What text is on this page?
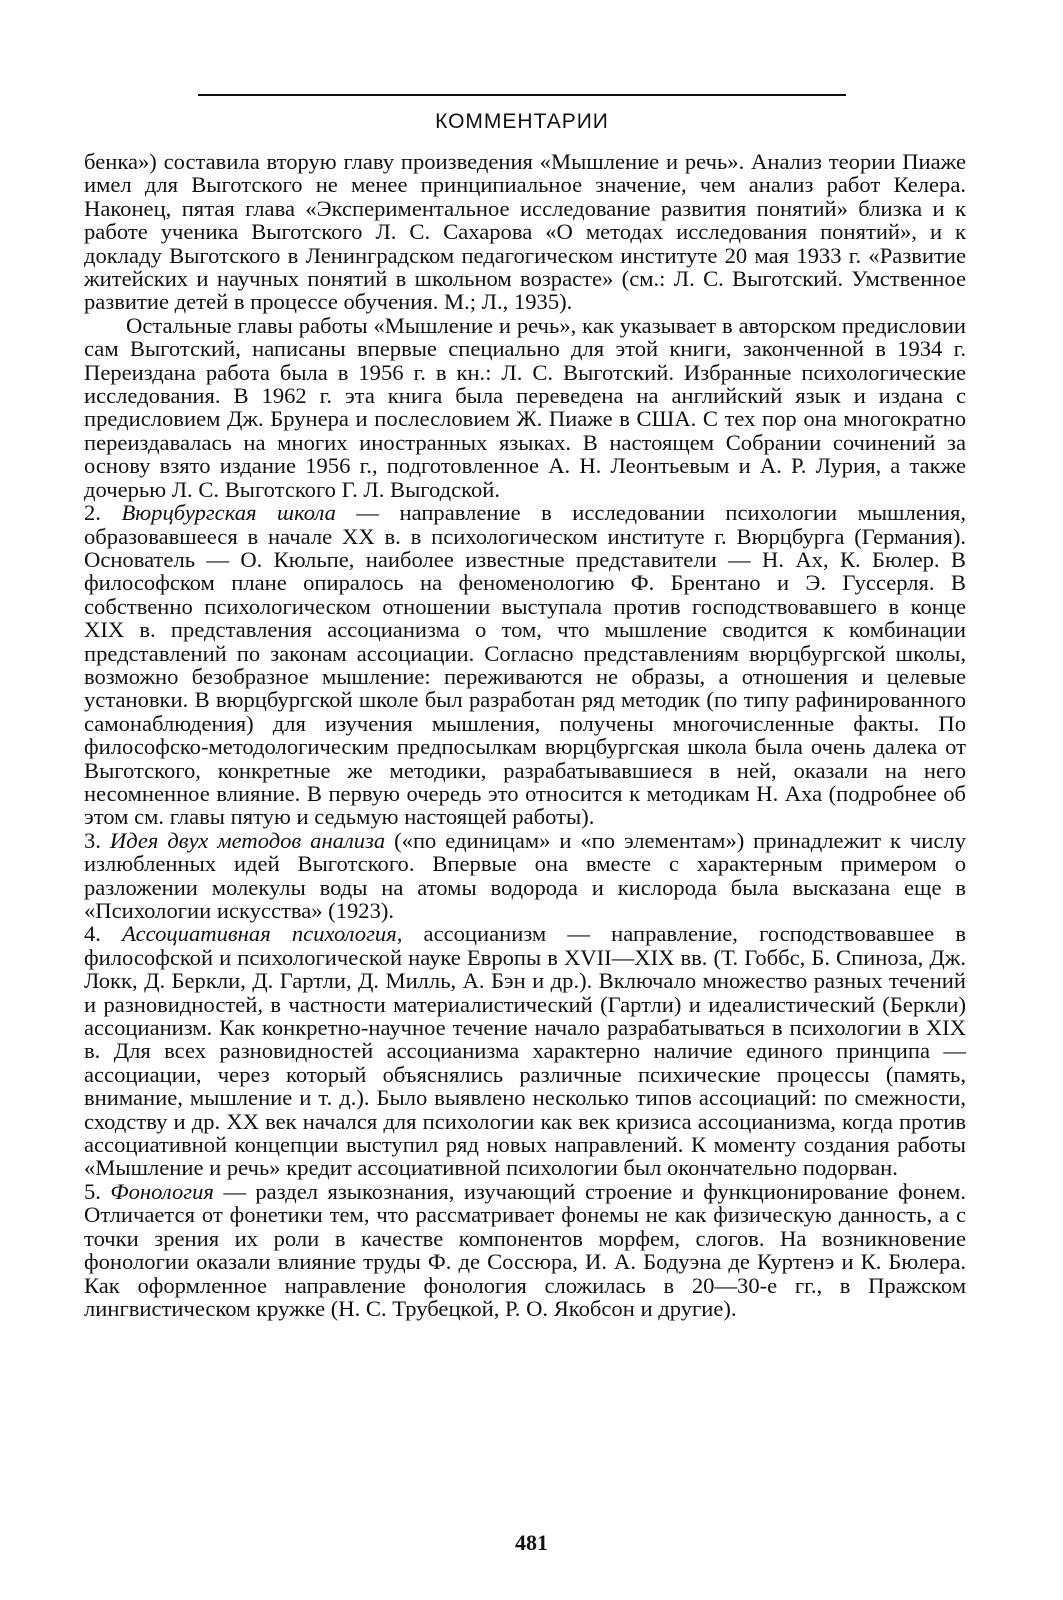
КОММЕНТАРИИ

бенка») составила вторую главу произведения «Мышление и речь». Анализ теории Пиаже имел для Выготского не менее принципиальное значение, чем анализ работ Келера. Наконец, пятая глава «Экспериментальное исследование развития понятий» близка и к работе ученика Выготского Л. С. Сахарова «О методах исследования понятий», и к докладу Выготского в Ленинградском педагогическом институте 20 мая 1933 г. «Развитие житейских и научных понятий в школьном возрасте» (см.: Л. С. Выготский. Умственное развитие детей в процессе обучения. М.; Л., 1935).

Остальные главы работы «Мышление и речь», как указывает в авторском предисловии сам Выготский, написаны впервые специально для этой книги, законченной в 1934 г. Переиздана работа была в 1956 г. в кн.: Л. С. Выготский. Избранные психологические исследования. В 1962 г. эта книга была переведена на английский язык и издана с предисловием Дж. Брунера и послесловием Ж. Пиаже в США. С тех пор она многократно переиздавалась на многих иностранных языках. В настоящем Собрании сочинений за основу взято издание 1956 г., подготовленное А. Н. Леонтьевым и А. Р. Лурия, а также дочерью Л. С. Выготского Г. Л. Выгодской.

2. Вюрцбургская школа — направление в исследовании психологии мышления, образовавшееся в начале XX в. в психологическом институте г. Вюрцбурга (Германия). Основатель — О. Кюльпе, наиболее известные представители — Н. Ах, К. Бюлер. В философском плане опиралось на феноменологию Ф. Брентано и Э. Гуссерля. В собственно психологическом отношении выступала против господствовавшего в конце XIX в. представления ассоцианизма о том, что мышление сводится к комбинации представлений по законам ассоциации. Согласно представлениям вюрцбургской школы, возможно безобразное мышление: переживаются не образы, а отношения и целевые установки. В вюрцбургской школе был разработан ряд методик (по типу рафинированного самонаблюдения) для изучения мышления, получены многочисленные факты. По философско-методологическим предпосылкам вюрцбургская школа была очень далека от Выготского, конкретные же методики, разрабатывавшиеся в ней, оказали на него несомненное влияние. В первую очередь это относится к методикам Н. Аха (подробнее об этом см. главы пятую и седьмую настоящей работы).

3. Идея двух методов анализа («по единицам» и «по элементам») принадлежит к числу излюбленных идей Выготского. Впервые она вместе с характерным примером о разложении молекулы воды на атомы водорода и кислорода была высказана еще в «Психологии искусства» (1923).

4. Ассоциативная психология, ассоцианизм — направление, господствовавшее в философской и психологической науке Европы в XVII—XIX вв. (Т. Гоббс, Б. Спиноза, Дж. Локк, Д. Беркли, Д. Гартли, Д. Милль, А. Бэн и др.). Включало множество разных течений и разновидностей, в частности материалистический (Гартли) и идеалистический (Беркли) ассоцианизм. Как конкретно-научное течение начало разрабатываться в психологии в XIX в. Для всех разновидностей ассоцианизма характерно наличие единого принципа — ассоциации, через который объяснялись различные психические процессы (память, внимание, мышление и т. д.). Было выявлено несколько типов ассоциаций: по смежности, сходству и др. XX век начался для психологии как век кризиса ассоцианизма, когда против ассоциативной концепции выступил ряд новых направлений. К моменту создания работы «Мышление и речь» кредит ассоциативной психологии был окончательно подорван.

5. Фонология — раздел языкознания, изучающий строение и функционирование фонем. Отличается от фонетики тем, что рассматривает фонемы не как физическую данность, а с точки зрения их роли в качестве компонентов морфем, слогов. На возникновение фонологии оказали влияние труды Ф. де Соссюра, И. А. Бодуэна де Куртенэ и К. Бюлера. Как оформленное направление фонология сложилась в 20—30-е гг., в Пражском лингвистическом кружке (Н. С. Трубецкой, Р. О. Якобсон и другие).

481
